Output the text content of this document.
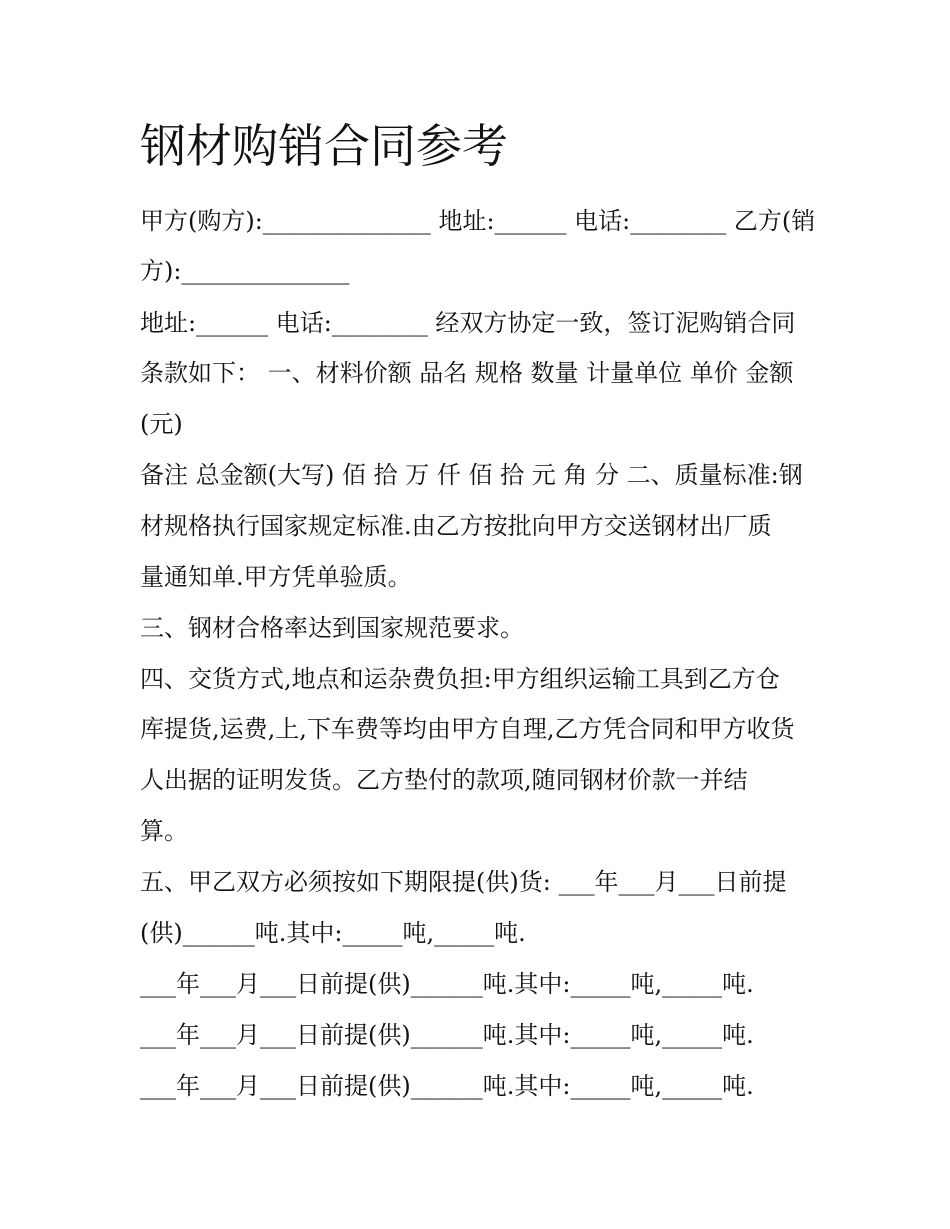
钢材购销合同参考
甲方(购方):______________ 地址:______ 电话:________ 乙方(销
方):______________
地址:______ 电话:________ 经双方协定一致，签订泥购销合同
条款如下： 一、材料价额 品名 规格 数量 计量单位 单价 金额
(元)
备注 总金额(大写) 佰 拾 万 仟 佰 拾 元 角 分 二、质量标准:钢
材规格执行国家规定标准.由乙方按批向甲方交送钢材出厂质
量通知单.甲方凭单验质。
三、钢材合格率达到国家规范要求。
四、交货方式,地点和运杂费负担:甲方组织运输工具到乙方仓
库提货,运费,上,下车费等均由甲方自理,乙方凭合同和甲方收货
人出据的证明发货。乙方垫付的款项,随同钢材价款一并结
算。
五、甲乙双方必须按如下期限提(供)货: ___年___月___日前提
(供)______吨.其中:_____吨,_____吨.
___年___月___日前提(供)______吨.其中:_____吨,_____吨.
___年___月___日前提(供)______吨.其中:_____吨,_____吨.
___年___月___日前提(供)______吨.其中:_____吨,_____吨.
